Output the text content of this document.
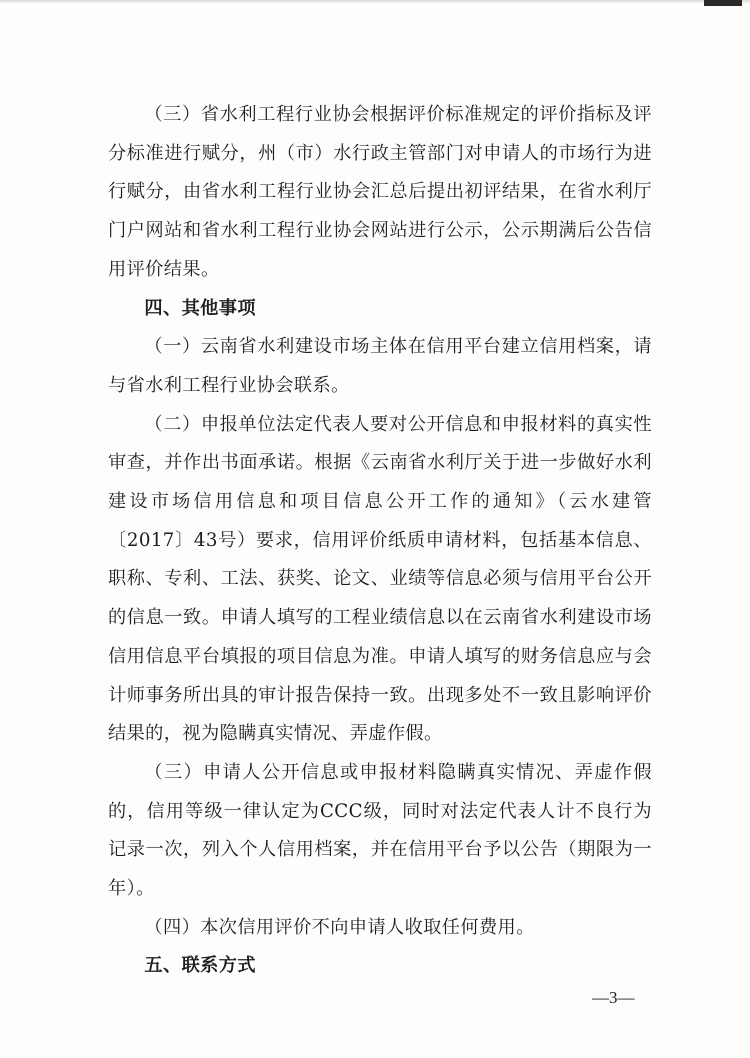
（三）省水利工程行业协会根据评价标准规定的评价指标及评分标准进行赋分，州（市）水行政主管部门对申请人的市场行为进行赋分，由省水利工程行业协会汇总后提出初评结果，在省水利厅门户网站和省水利工程行业协会网站进行公示，公示期满后公告信用评价结果。

四、其他事项

（一）云南省水利建设市场主体在信用平台建立信用档案，请与省水利工程行业协会联系。

（二）申报单位法定代表人要对公开信息和申报材料的真实性审查，并作出书面承诺。根据《云南省水利厅关于进一步做好水利建设市场信用信息和项目信息公开工作的通知》（云水建管〔2017〕43号）要求，信用评价纸质申请材料，包括基本信息、职称、专利、工法、获奖、论文、业绩等信息必须与信用平台公开的信息一致。申请人填写的工程业绩信息以在云南省水利建设市场信用信息平台填报的项目信息为准。申请人填写的财务信息应与会计师事务所出具的审计报告保持一致。出现多处不一致且影响评价结果的，视为隐瞒真实情况、弄虚作假。

（三）申请人公开信息或申报材料隐瞒真实情况、弄虚作假的，信用等级一律认定为CCC级，同时对法定代表人计不良行为记录一次，列入个人信用档案，并在信用平台予以公告（期限为一年）。

（四）本次信用评价不向申请人收取任何费用。

五、联系方式

—3—
